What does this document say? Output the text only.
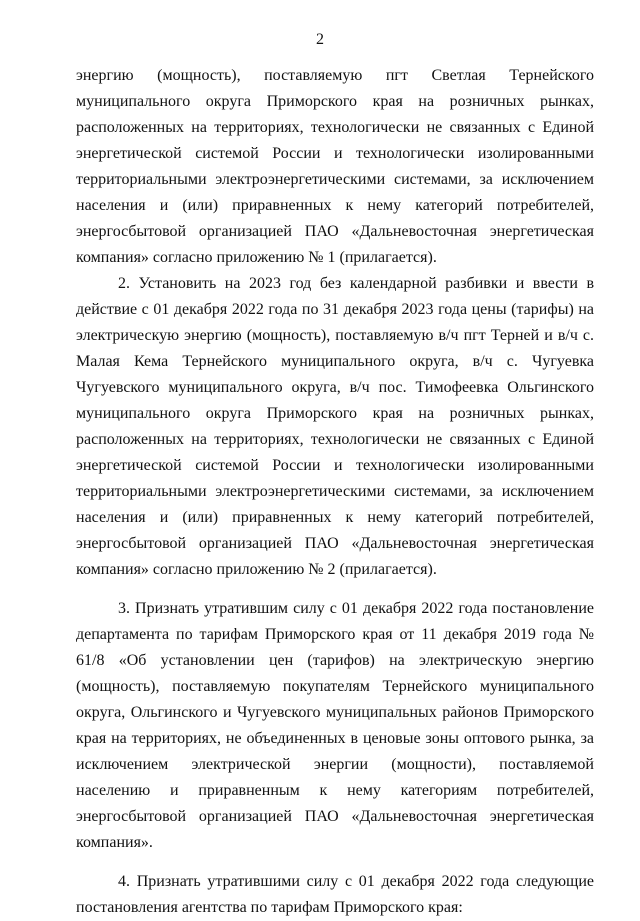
2

энергию (мощность), поставляемую пгт Светлая Тернейского муниципального округа Приморского края на розничных рынках, расположенных на территориях, технологически не связанных с Единой энергетической системой России и технологически изолированными территориальными электроэнергетическими системами, за исключением населения и (или) приравненных к нему категорий потребителей, энергосбытовой организацией ПАО «Дальневосточная энергетическая компания» согласно приложению № 1 (прилагается).

2. Установить на 2023 год без календарной разбивки и ввести в действие с 01 декабря 2022 года по 31 декабря 2023 года цены (тарифы) на электрическую энергию (мощность), поставляемую в/ч пгт Терней и в/ч с. Малая Кема Тернейского муниципального округа, в/ч с. Чугуевка Чугуевского муниципального округа, в/ч пос. Тимофеевка Ольгинского муниципального округа Приморского края на розничных рынках, расположенных на территориях, технологически не связанных с Единой энергетической системой России и технологически изолированными территориальными электроэнергетическими системами, за исключением населения и (или) приравненных к нему категорий потребителей, энергосбытовой организацией ПАО «Дальневосточная энергетическая компания» согласно приложению № 2 (прилагается).

3. Признать утратившим силу с 01 декабря 2022 года постановление департамента по тарифам Приморского края от 11 декабря 2019 года № 61/8 «Об установлении цен (тарифов) на электрическую энергию (мощность), поставляемую покупателям Тернейского муниципального округа, Ольгинского и Чугуевского муниципальных районов Приморского края на территориях, не объединенных в ценовые зоны оптового рынка, за исключением электрической энергии (мощности), поставляемой населению и приравненным к нему категориям потребителей, энергосбытовой организацией ПАО «Дальневосточная энергетическая компания».

4. Признать утратившими силу с 01 декабря 2022 года следующие постановления агентства по тарифам Приморского края:
